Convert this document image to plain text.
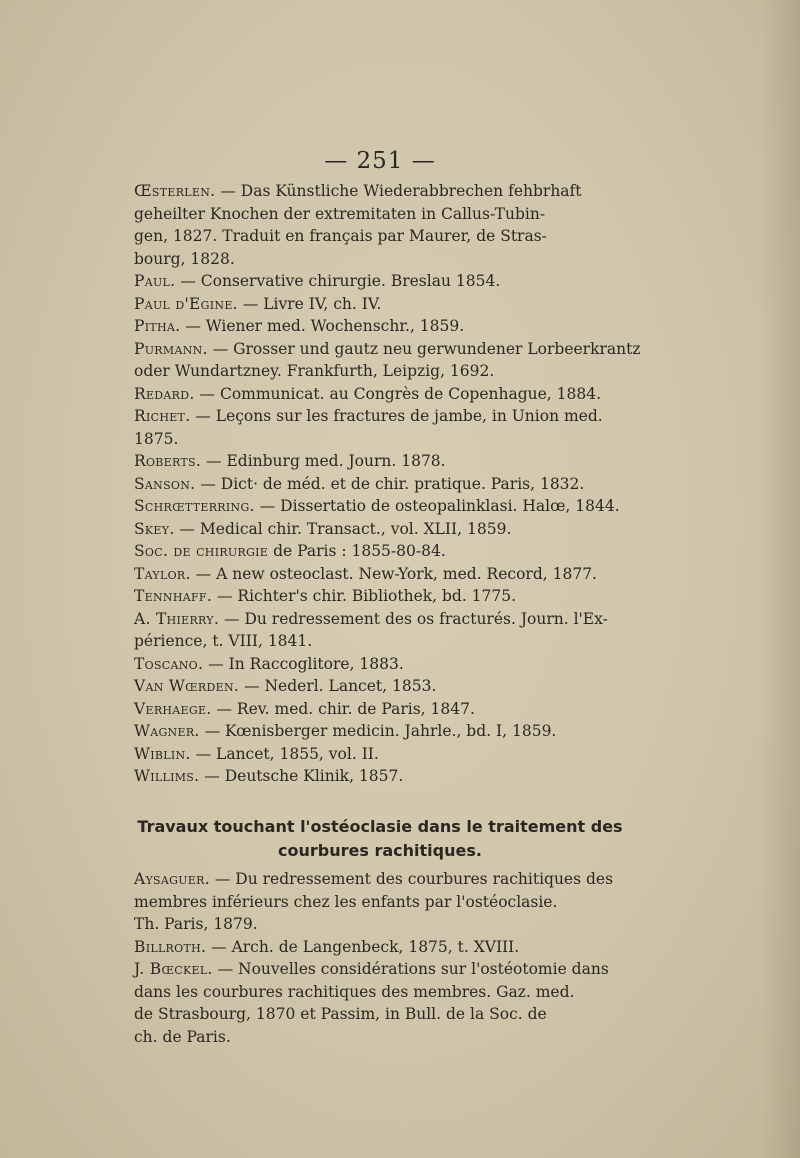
— 251 —
Œsterlen. — Das Künstliche Wiederabbrechen fehbrhaft
geheilter Knochen der extremitaten in Callus-Tubin-
gen, 1827. Traduit en français par Maurer, de Stras-
bourg, 1828.
Paul. — Conservative chirurgie. Breslau 1854.
Paul d'Egine. — Livre IV, ch. IV.
Pitha. — Wiener med. Wochenschr., 1859.
Purmann. — Grosser und gautz neu gerwundener Lorbeerkrantz
oder Wundartzney. Frankfurth, Leipzig, 1692.
Redard. — Communicat. au Congrès de Copenhague, 1884.
Richet. — Leçons sur les fractures de jambe, in Union med.
1875.
Roberts. — Edinburg med. Journ. 1878.
Sanson. — Dict· de méd. et de chir. pratique. Paris, 1832.
Schrœtterring. — Dissertatio de osteopalinklasi. Halœ, 1844.
Skey. — Medical chir. Transact., vol. XLII, 1859.
Soc. de chirurgie de Paris : 1855-80-84.
Taylor. — A new osteoclast. New-York, med. Record, 1877.
Tennhaff. — Richter's chir. Bibliothek, bd. 1775.
A. Thierry. — Du redressement des os fracturés. Journ. l'Ex-
périence, t. VIII, 1841.
Toscano. — In Raccoglitore, 1883.
Van Wœrden. — Nederl. Lancet, 1853.
Verhaege. — Rev. med. chir. de Paris, 1847.
Wagner. — Kœnisberger medicin. Jahrle., bd. I, 1859.
Wiblin. — Lancet, 1855, vol. II.
Willims. — Deutsche Klinik, 1857.
Travaux touchant l'ostéoclasie dans le traitement des
courbures rachitiques.
Aysaguer. — Du redressement des courbures rachitiques des
membres inférieurs chez les enfants par l'ostéoclasie.
Th. Paris, 1879.
Billroth. — Arch. de Langenbeck, 1875, t. XVIII.
J. Bœckel. — Nouvelles considérations sur l'ostéotomie dans
dans les courbures rachitiques des membres. Gaz. med.
de Strasbourg, 1870 et Passim, in Bull. de la Soc. de
ch. de Paris.
